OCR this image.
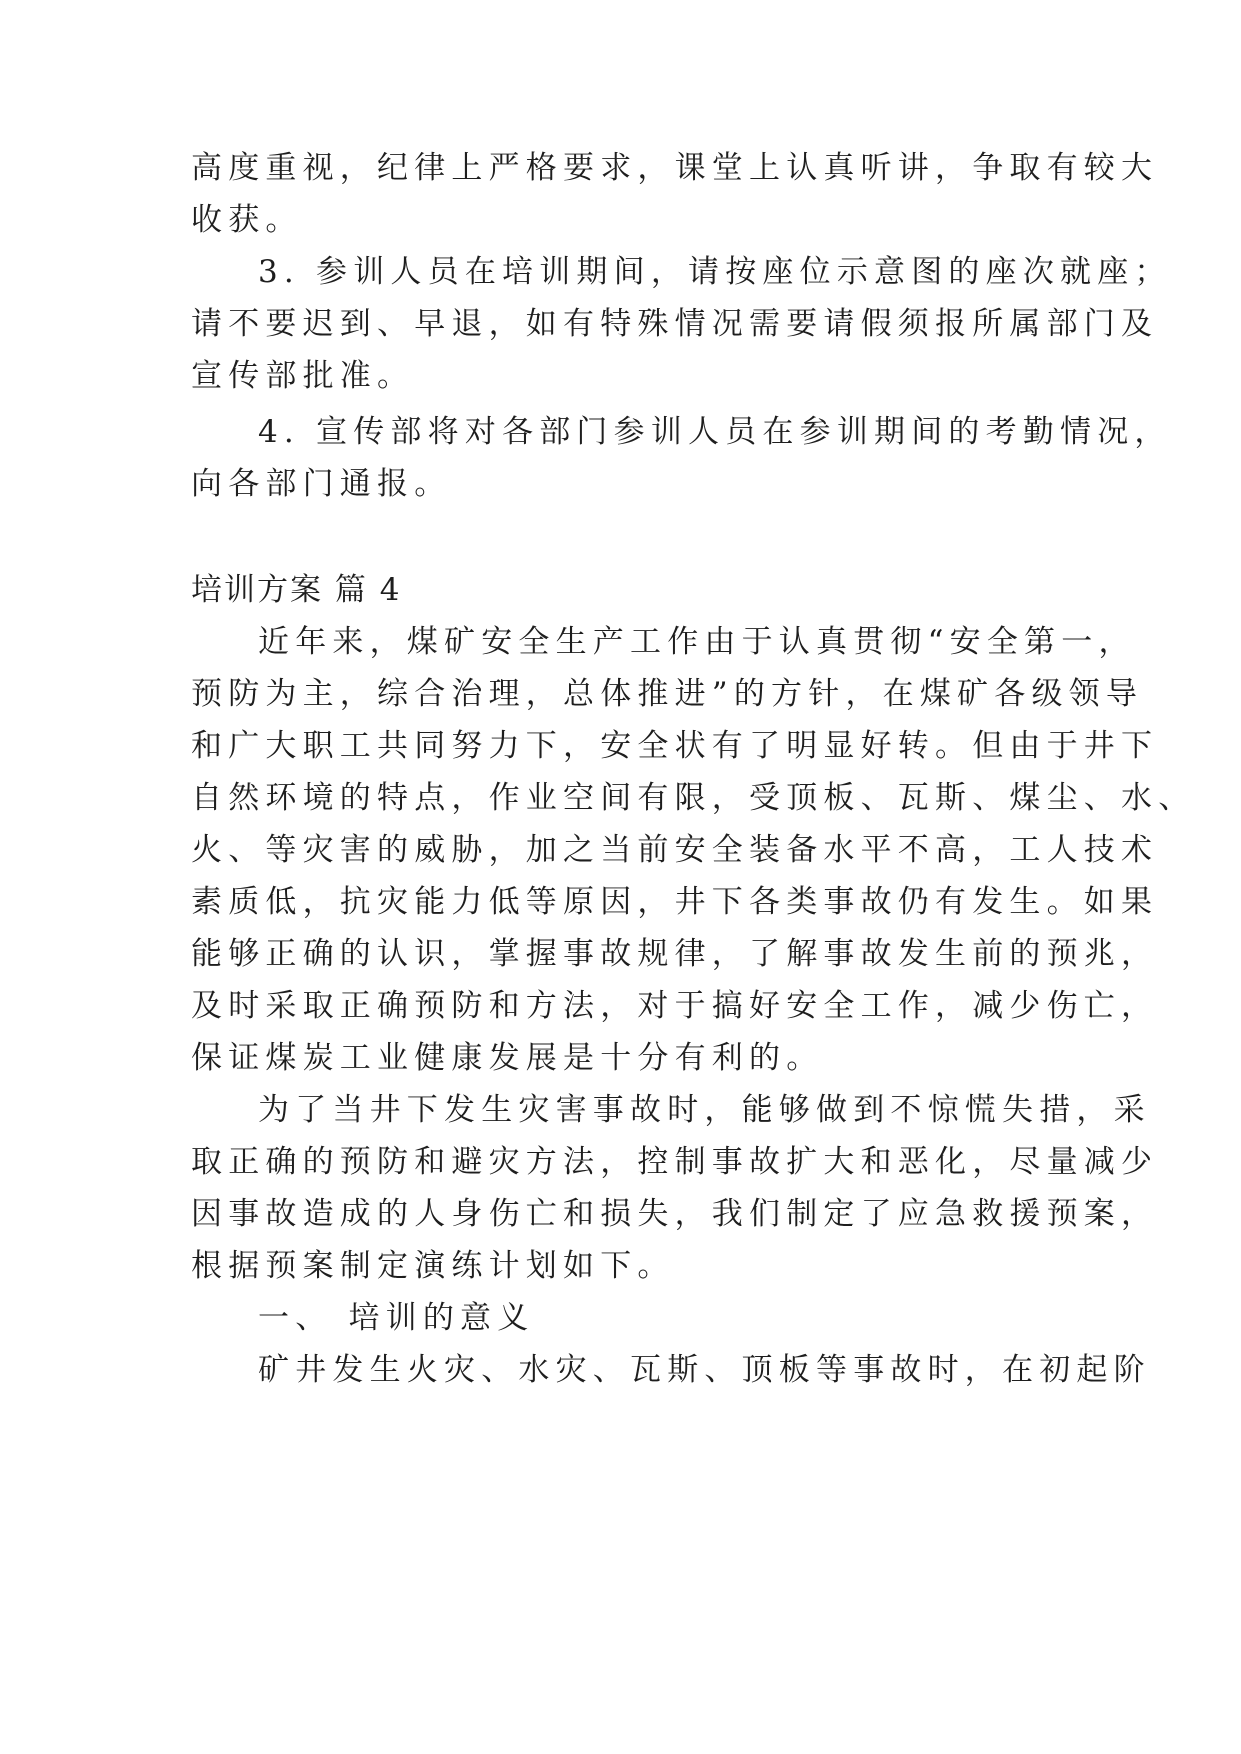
高度重视，纪律上严格要求，课堂上认真听讲，争取有较大
收获。
3. 参训人员在培训期间，请按座位示意图的座次就座；
请不要迟到、早退，如有特殊情况需要请假须报所属部门及
宣传部批准。
4. 宣传部将对各部门参训人员在参训期间的考勤情况，
向各部门通报。
培训方案 篇 4
近年来，煤矿安全生产工作由于认真贯彻“安全第一，
预防为主，综合治理，总体推进”的方针，在煤矿各级领导
和广大职工共同努力下，安全状有了明显好转。但由于井下
自然环境的特点，作业空间有限，受顶板、瓦斯、煤尘、水、
火、等灾害的威胁，加之当前安全装备水平不高，工人技术
素质低，抗灾能力低等原因，井下各类事故仍有发生。如果
能够正确的认识，掌握事故规律，了解事故发生前的预兆，
及时采取正确预防和方法，对于搞好安全工作，减少伤亡，
保证煤炭工业健康发展是十分有利的。
为了当井下发生灾害事故时，能够做到不惊慌失措，采
取正确的预防和避灾方法，控制事故扩大和恶化，尽量减少
因事故造成的人身伤亡和损失，我们制定了应急救援预案，
根据预案制定演练计划如下。
一、 培训的意义
矿井发生火灾、水灾、瓦斯、顶板等事故时，在初起阶
